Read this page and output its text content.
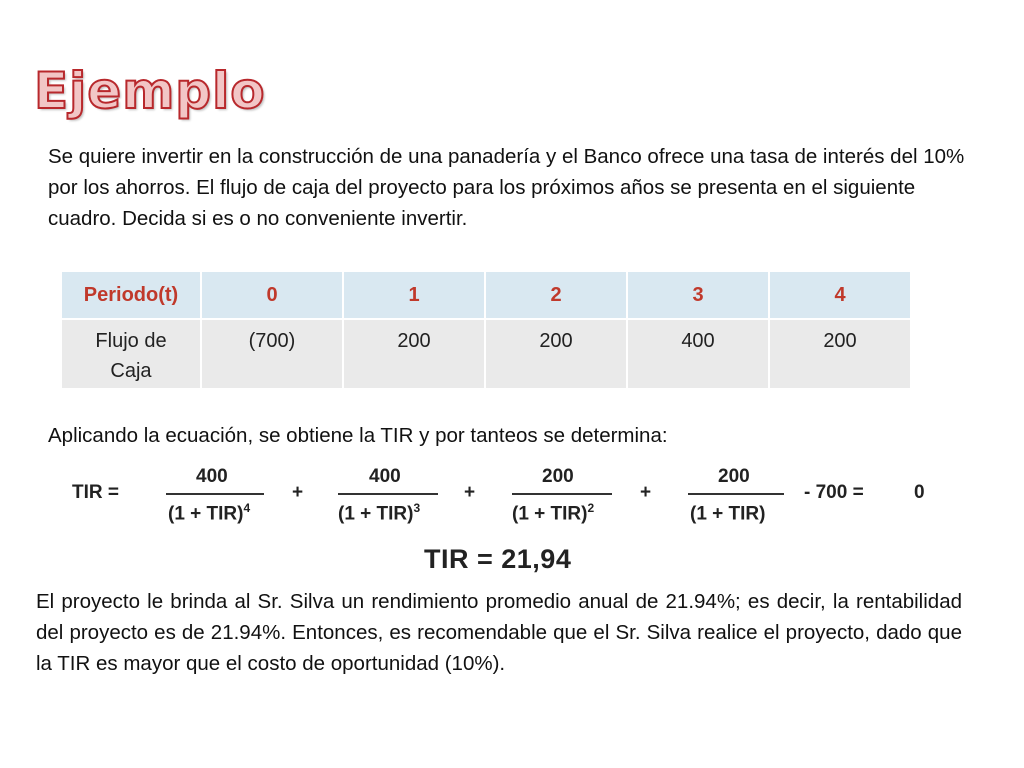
Ejemplo

Se quiere invertir en la construcción de una panadería y el Banco ofrece una tasa de interés del 10% por los ahorros. El flujo de caja del proyecto para los próximos años se presenta en el siguiente cuadro. Decida si es o no conveniente invertir.

Periodo(t)	0	1	2	3	4

Flujo de Caja	(700)	200	200	400	200

Aplicando la ecuación, se obtiene la TIR y por tanteos se determina:

TIR =
400
(1 + TIR)$^4$
+
400
(1 + TIR)$^3$
+
200
(1 + TIR)$^2$
+
200
(1 + TIR)
- 700 =	0

TIR = 21,94

El proyecto le brinda al Sr. Silva un rendimiento promedio anual de 21.94%; es decir, la rentabilidad del proyecto es de 21.94%. Entonces, es recomendable que el Sr. Silva realice el proyecto, dado que la TIR es mayor que el costo de oportunidad (10%).
